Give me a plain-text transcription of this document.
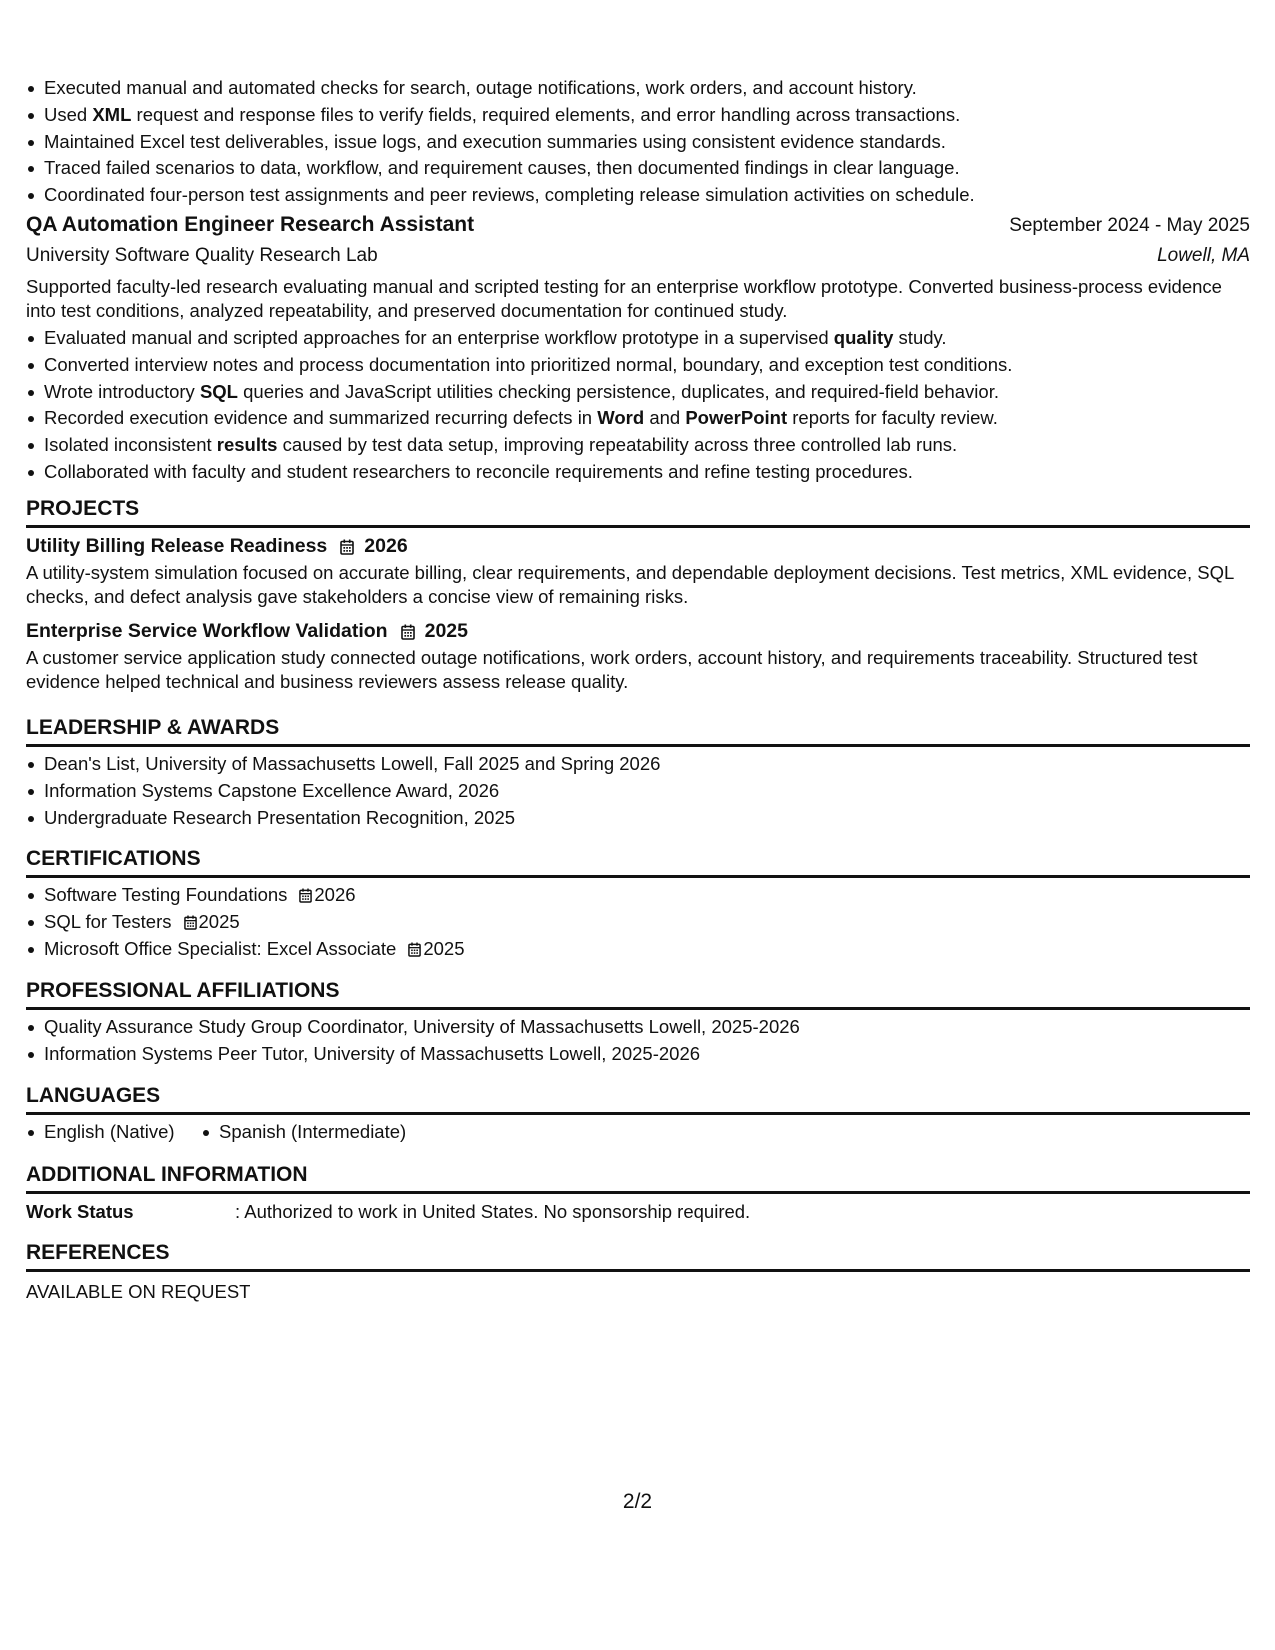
Executed manual and automated checks for search, outage notifications, work orders, and account history.
Used XML request and response files to verify fields, required elements, and error handling across transactions.
Maintained Excel test deliverables, issue logs, and execution summaries using consistent evidence standards.
Traced failed scenarios to data, workflow, and requirement causes, then documented findings in clear language.
Coordinated four-person test assignments and peer reviews, completing release simulation activities on schedule.
QA Automation Engineer Research Assistant	September 2024 - May 2025
University Software Quality Research Lab	Lowell, MA
Supported faculty-led research evaluating manual and scripted testing for an enterprise workflow prototype. Converted business-process evidence into test conditions, analyzed repeatability, and preserved documentation for continued study.
Evaluated manual and scripted approaches for an enterprise workflow prototype in a supervised quality study.
Converted interview notes and process documentation into prioritized normal, boundary, and exception test conditions.
Wrote introductory SQL queries and JavaScript utilities checking persistence, duplicates, and required-field behavior.
Recorded execution evidence and summarized recurring defects in Word and PowerPoint reports for faculty review.
Isolated inconsistent results caused by test data setup, improving repeatability across three controlled lab runs.
Collaborated with faculty and student researchers to reconcile requirements and refine testing procedures.
PROJECTS
Utility Billing Release Readiness 2026
A utility-system simulation focused on accurate billing, clear requirements, and dependable deployment decisions. Test metrics, XML evidence, SQL checks, and defect analysis gave stakeholders a concise view of remaining risks.
Enterprise Service Workflow Validation 2025
A customer service application study connected outage notifications, work orders, account history, and requirements traceability. Structured test evidence helped technical and business reviewers assess release quality.
LEADERSHIP & AWARDS
Dean's List, University of Massachusetts Lowell, Fall 2025 and Spring 2026
Information Systems Capstone Excellence Award, 2026
Undergraduate Research Presentation Recognition, 2025
CERTIFICATIONS
Software Testing Foundations 2026
SQL for Testers 2025
Microsoft Office Specialist: Excel Associate 2025
PROFESSIONAL AFFILIATIONS
Quality Assurance Study Group Coordinator, University of Massachusetts Lowell, 2025-2026
Information Systems Peer Tutor, University of Massachusetts Lowell, 2025-2026
LANGUAGES
English (Native) Spanish (Intermediate)
ADDITIONAL INFORMATION
Work Status	: Authorized to work in United States. No sponsorship required.
REFERENCES
AVAILABLE ON REQUEST
2/2
